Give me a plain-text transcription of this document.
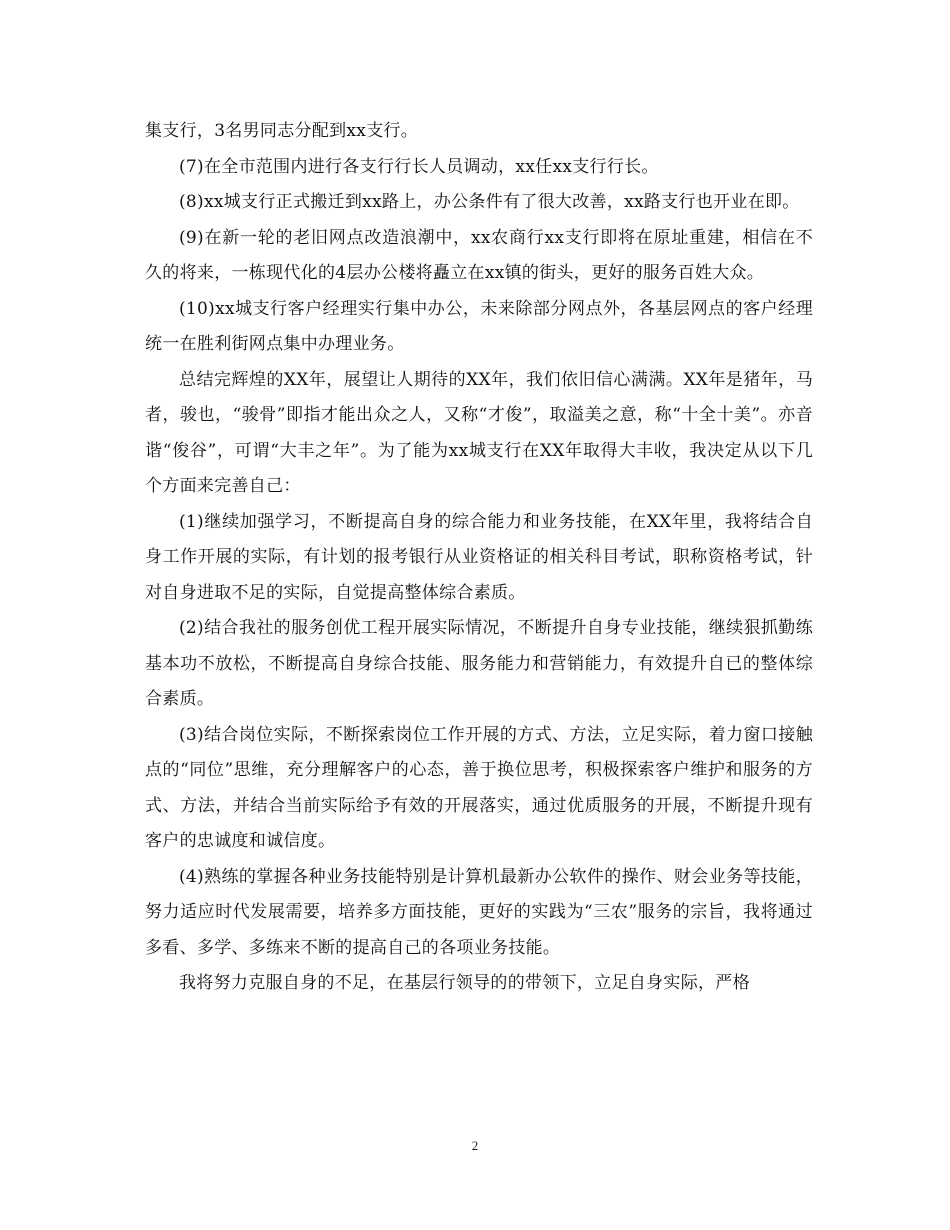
集支行，3名男同志分配到xx支行。

(7)在全市范围内进行各支行行长人员调动，xx任xx支行行长。

(8)xx城支行正式搬迁到xx路上，办公条件有了很大改善，xx路支行也开业在即。

(9)在新一轮的老旧网点改造浪潮中，xx农商行xx支行即将在原址重建，相信在不久的将来，一栋现代化的4层办公楼将矗立在xx镇的街头，更好的服务百姓大众。

(10)xx城支行客户经理实行集中办公，未来除部分网点外，各基层网点的客户经理统一在胜利街网点集中办理业务。

总结完辉煌的XX年，展望让人期待的XX年，我们依旧信心满满。XX年是猪年，马者，骏也，“骏骨”即指才能出众之人，又称“才俊”，取溢美之意，称“十全十美”。亦音谐“俊谷”，可谓“大丰之年”。为了能为xx城支行在XX年取得大丰收，我决定从以下几个方面来完善自己：

(1)继续加强学习，不断提高自身的综合能力和业务技能，在XX年里，我将结合自身工作开展的实际，有计划的报考银行从业资格证的相关科目考试，职称资格考试，针对自身进取不足的实际，自觉提高整体综合素质。

(2)结合我社的服务创优工程开展实际情况，不断提升自身专业技能，继续狠抓勤练基本功不放松，不断提高自身综合技能、服务能力和营销能力，有效提升自已的整体综合素质。

(3)结合岗位实际，不断探索岗位工作开展的方式、方法，立足实际，着力窗口接触点的“同位”思维，充分理解客户的心态，善于换位思考，积极探索客户维护和服务的方式、方法，并结合当前实际给予有效的开展落实，通过优质服务的开展，不断提升现有客户的忠诚度和诚信度。

(4)熟练的掌握各种业务技能特别是计算机最新办公软件的操作、财会业务等技能，努力适应时代发展需要，培养多方面技能，更好的实践为“三农”服务的宗旨，我将通过多看、多学、多练来不断的提高自己的各项业务技能。

我将努力克服自身的不足，在基层行领导的的带领下，立足自身实际，严格

2
